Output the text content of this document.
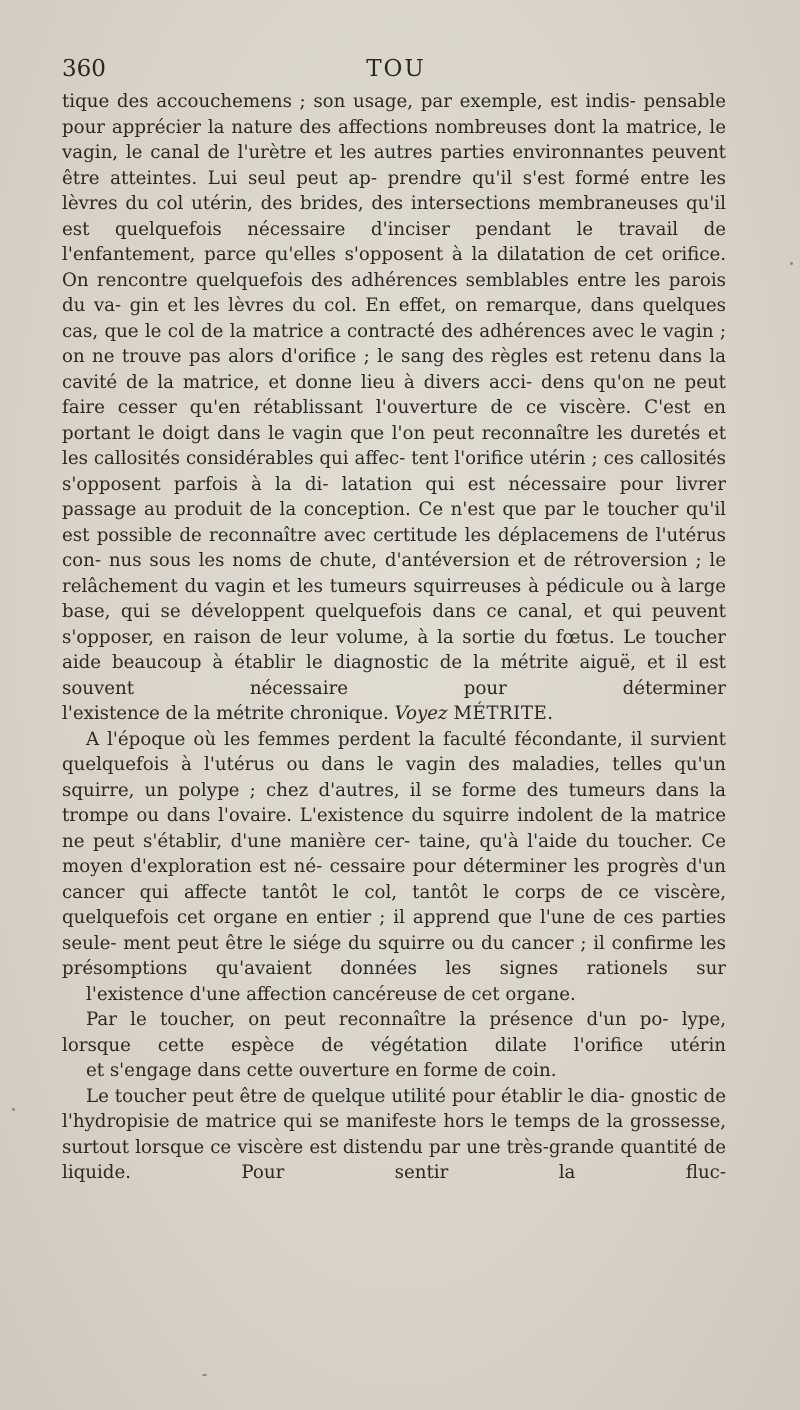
360	TOU

tique des accouchemens ; son usage, par exemple, est indis- pensable pour apprécier la nature des affections nombreuses dont la matrice, le vagin, le canal de l'urètre et les autres parties environnantes peuvent être atteintes. Lui seul peut ap- prendre qu'il s'est formé entre les lèvres du col utérin, des brides, des intersections membraneuses qu'il est quelquefois nécessaire d'inciser pendant le travail de l'enfantement, parce qu'elles s'opposent à la dilatation de cet orifice. On rencontre quelquefois des adhérences semblables entre les parois du va- gin et les lèvres du col. En effet, on remarque, dans quelques cas, que le col de la matrice a contracté des adhérences avec le vagin ; on ne trouve pas alors d'orifice ; le sang des règles est retenu dans la cavité de la matrice, et donne lieu à divers acci- dens qu'on ne peut faire cesser qu'en rétablissant l'ouverture de ce viscère. C'est en portant le doigt dans le vagin que l'on peut reconnaître les duretés et les callosités considérables qui affec- tent l'orifice utérin ; ces callosités s'opposent parfois à la di- latation qui est nécessaire pour livrer passage au produit de la conception. Ce n'est que par le toucher qu'il est possible de reconnaître avec certitude les déplacemens de l'utérus con- nus sous les noms de chute, d'antéversion et de rétroversion ; le relâchement du vagin et les tumeurs squirreuses à pédicule ou à large base, qui se développent quelquefois dans ce canal, et qui peuvent s'opposer, en raison de leur volume, à la sortie du fœtus. Le toucher aide beaucoup à établir le diagnostic de la métrite aiguë, et il est souvent nécessaire pour déterminer
l'existence de la métrite chronique. Voyez MÉTRITE.

A l'époque où les femmes perdent la faculté fécondante, il survient quelquefois à l'utérus ou dans le vagin des maladies, telles qu'un squirre, un polype ; chez d'autres, il se forme des tumeurs dans la trompe ou dans l'ovaire. L'existence du squirre indolent de la matrice ne peut s'établir, d'une manière cer- taine, qu'à l'aide du toucher. Ce moyen d'exploration est né- cessaire pour déterminer les progrès d'un cancer qui affecte tantôt le col, tantôt le corps de ce viscère, quelquefois cet organe en entier ; il apprend que l'une de ces parties seule- ment peut être le siége du squirre ou du cancer ; il confirme les présomptions qu'avaient données les signes rationels sur
l'existence d'une affection cancéreuse de cet organe.

Par le toucher, on peut reconnaître la présence d'un po- lype, lorsque cette espèce de végétation dilate l'orifice utérin
et s'engage dans cette ouverture en forme de coin.

Le toucher peut être de quelque utilité pour établir le dia- gnostic de l'hydropisie de matrice qui se manifeste hors le temps de la grossesse, surtout lorsque ce viscère est distendu par une très-grande quantité de liquide. Pour sentir la fluc-
